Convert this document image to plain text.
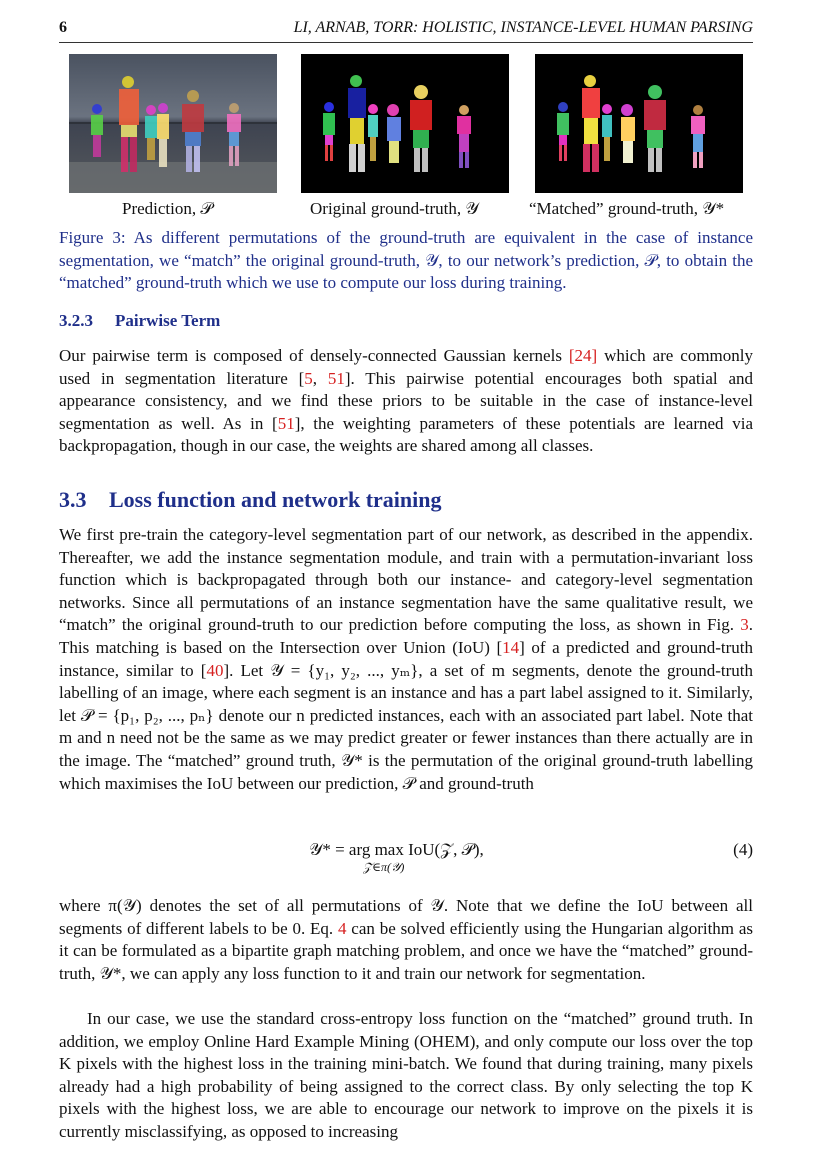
6	LI, ARNAB, TORR: HOLISTIC, INSTANCE-LEVEL HUMAN PARSING
Prediction, 𝒫	Original ground-truth, 𝒴	“Matched” ground-truth, 𝒴*
Figure 3: As different permutations of the ground-truth are equivalent in the case of instance segmentation, we “match” the original ground-truth, 𝒴, to our network’s prediction, 𝒫, to obtain the “matched” ground-truth which we use to compute our loss during training.
3.2.3 Pairwise Term

Our pairwise term is composed of densely-connected Gaussian kernels [24] which are commonly used in segmentation literature [5, 51]. This pairwise potential encourages both spatial and appearance consistency, and we find these priors to be suitable in the case of instance-level segmentation as well. As in [51], the weighting parameters of these potentials are learned via backpropagation, though in our case, the weights are shared among all classes.

3.3 Loss function and network training

We first pre-train the category-level segmentation part of our network, as described in the appendix. Thereafter, we add the instance segmentation module, and train with a permutation-invariant loss function which is backpropagated through both our instance- and category-level segmentation networks. Since all permutations of an instance segmentation have the same qualitative result, we “match” the original ground-truth to our prediction before computing the loss, as shown in Fig. 3. This matching is based on the Intersection over Union (IoU) [14] of a predicted and ground-truth instance, similar to [40]. Let 𝒴 = {y₁, y₂, ..., yₘ}, a set of m segments, denote the ground-truth labelling of an image, where each segment is an instance and has a part label assigned to it. Similarly, let 𝒫 = {p₁, p₂, ..., pₙ} denote our n predicted instances, each with an associated part label. Note that m and n need not be the same as we may predict greater or fewer instances than there actually are in the image. The “matched” ground truth, 𝒴* is the permutation of the original ground-truth labelling which maximises the IoU between our prediction, 𝒫 and ground-truth

𝒴* = arg max IoU(𝒵, 𝒫),
𝒵∈π(𝒴)
(4)

where π(𝒴) denotes the set of all permutations of 𝒴. Note that we define the IoU between all segments of different labels to be 0. Eq. 4 can be solved efficiently using the Hungarian algorithm as it can be formulated as a bipartite graph matching problem, and once we have the “matched” ground-truth, 𝒴*, we can apply any loss function to it and train our network for segmentation.

In our case, we use the standard cross-entropy loss function on the “matched” ground truth. In addition, we employ Online Hard Example Mining (OHEM), and only compute our loss over the top K pixels with the highest loss in the training mini-batch. We found that during training, many pixels already had a high probability of being assigned to the correct class. By only selecting the top K pixels with the highest loss, we are able to encourage our network to improve on the pixels it is currently misclassifying, as opposed to increasing
